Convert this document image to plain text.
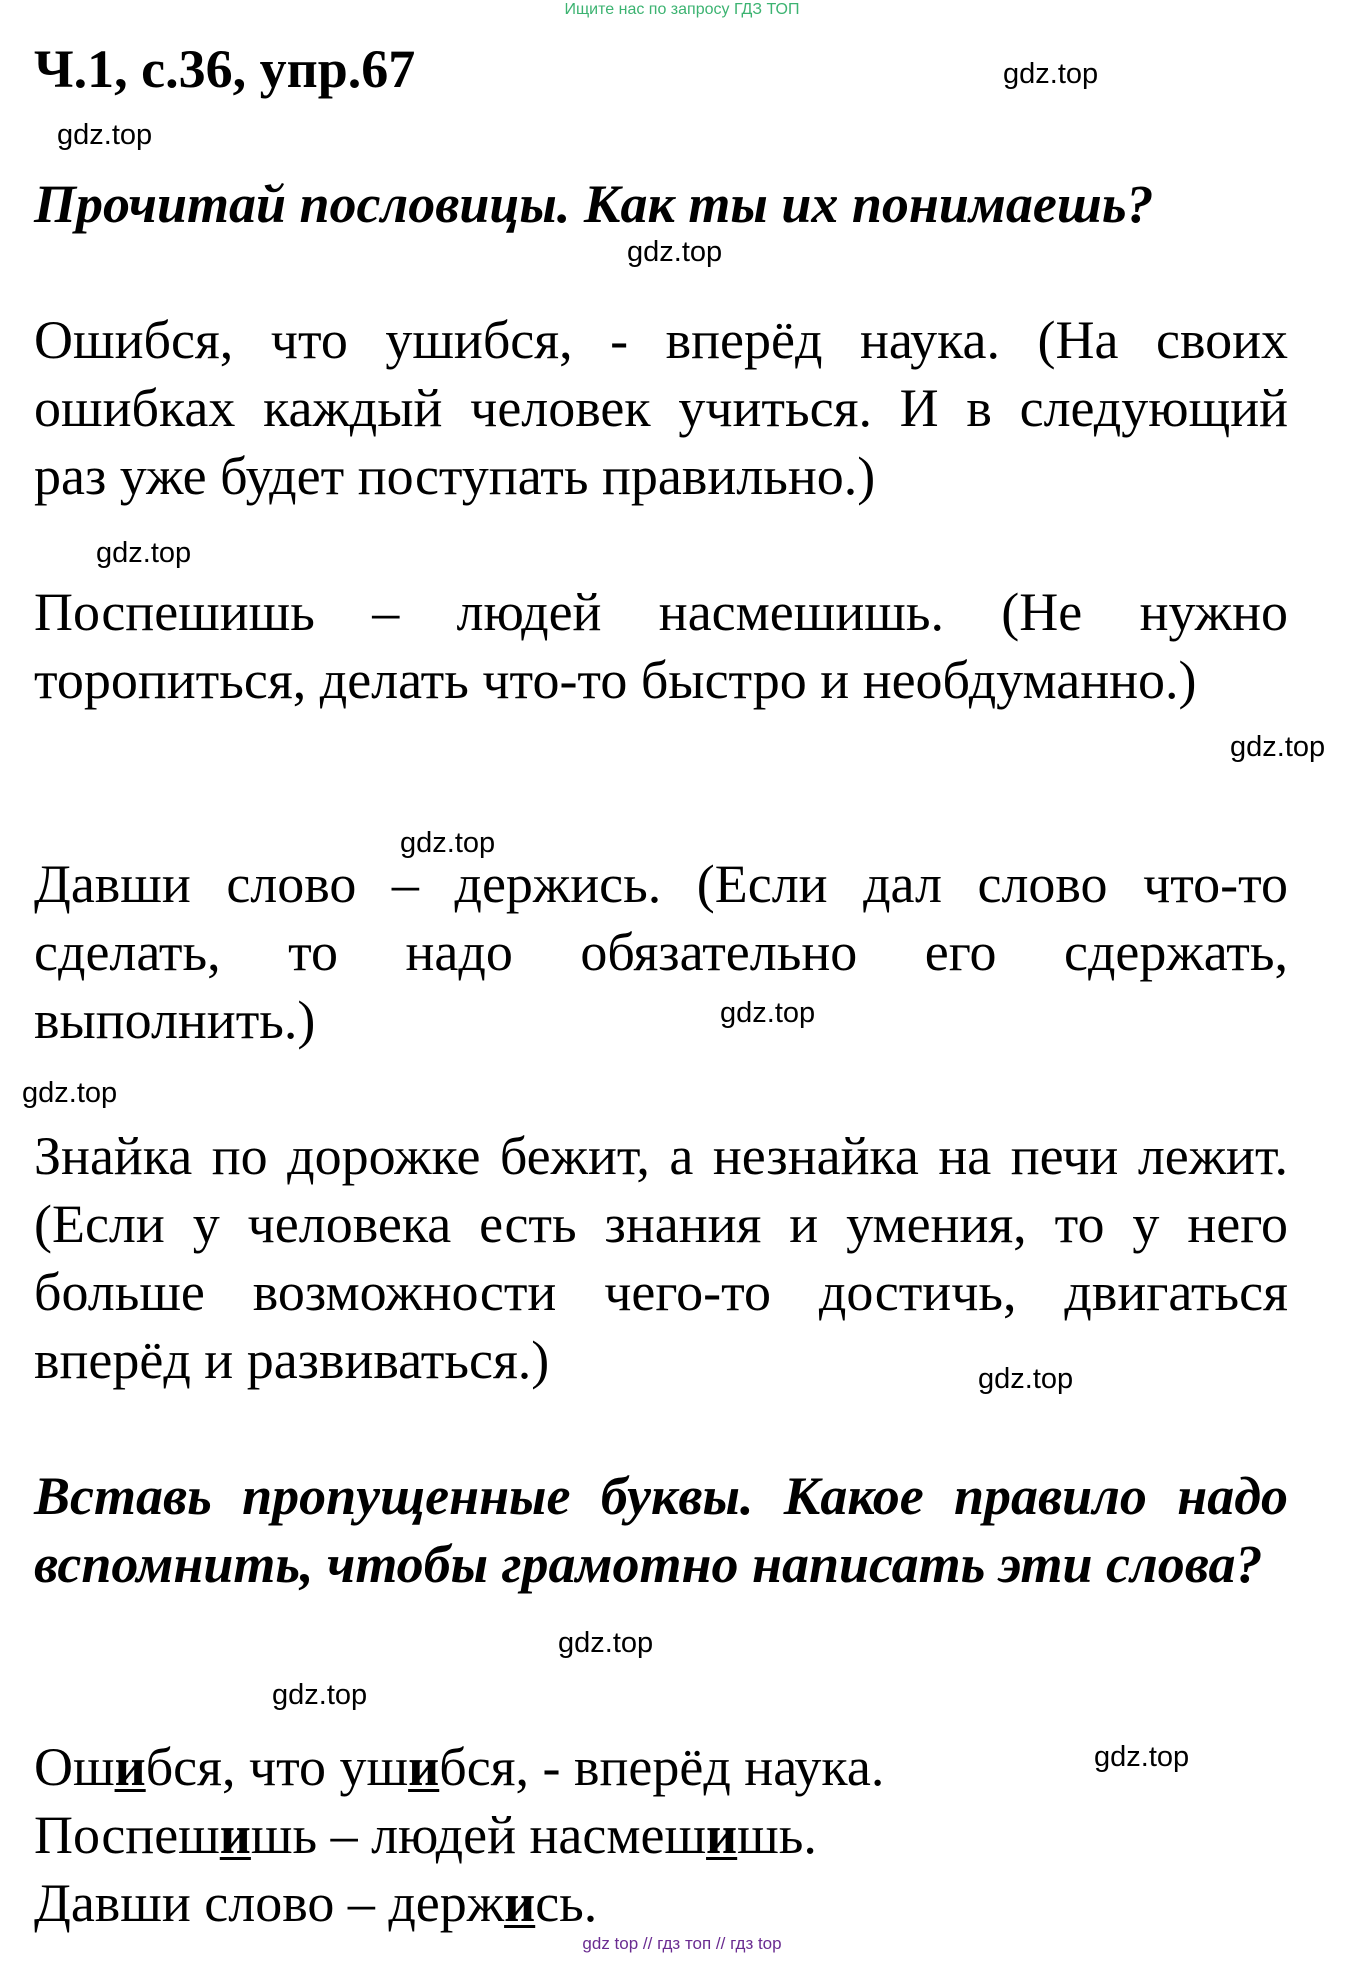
Ищите нас по запросу ГДЗ ТОП
Ч.1, с.36, упр.67

Прочитай пословицы. Как ты их понимаешь?

Ошибся, что ушибся, - вперёд наука. (На своих ошибках каждый человек учиться. И в следующий раз уже будет поступать правильно.)

Поспешишь – людей насмешишь. (Не нужно торопиться, делать что-то быстро и необдуманно.)

Давши слово – держись. (Если дал слово что-то сделать, то надо обязательно его сдержать, выполнить.)

Знайка по дорожке бежит, а незнайка на печи лежит. (Если у человека есть знания и умения, то у него больше возможности чего-то достичь, двигаться вперёд и развиваться.)

Вставь пропущенные буквы. Какое правило надо вспомнить, чтобы грамотно написать эти слова?

Ошибся, что ушибся, - вперёд наука.

Поспешишь – людей насмешишь.

Давши слово – держись.

gdz.top
gdz.top
gdz.top
gdz.top
gdz.top
gdz.top
gdz.top
gdz.top
gdz.top
gdz.top
gdz.top
gdz.top
gdz top // гдз топ // гдз top
